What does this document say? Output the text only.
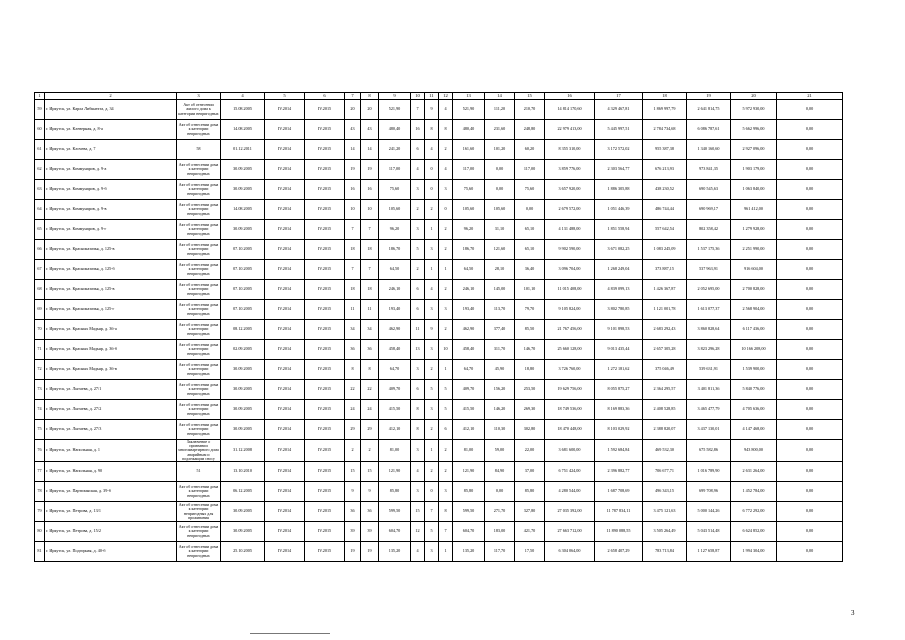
1	2	3	4	5	6	7	8	9	10	11	12	13	14	15	16	17	18	19	20	21
59	г. Иркутск, ул. Карла Либкнехта, д. 34	Акт об отнесении жилого дома к категории непригодных	15.08.2005	IV.2014	IV.2015	20	20	521,90	7	9	4	521,90	111,20	210,70	14 814 170,60	4 329 467,81	1 869 997,79	2 641 814,75	5 972 930,00	0,00
60	г. Иркутск, ул. Клеверная, д. 8-а	Акт об отнесении дома к категории непригодных	14.08.2005	IV.2014	IV.2015	43	43	480,40	16	8	8	480,40	231,60	248,80	22 979 413,00	5 445 997,51	2 784 734,68	6 086 787,61	5 662 996,00	0,00
61	г. Иркутск, ул. Клочева, д. 7	58	01.12.2011	IV.2014	IV.2015	14	14	241,20	6	4	2	161,60	101,20	60,20	8 355 310,00	3 172 572,02	955 387,38	1 340 160,60	2 927 096,00	0,00
62	г. Иркутск, ул. Коммунаров, д. 9-а	Акт об отнесении дома к категории непригодных	30.09.2005	IV.2014	IV.2015	19	19	117,00	4	0	4	117,00	0,00	117,00	3 859 776,00	2 303 564,77	676 213,93	973 841,35	1 903 179,00	0,00
63	г. Иркутск, ул. Коммунаров, д. 9-б	Акт об отнесении дома к категории непригодных	30.09.2005	IV.2014	IV.2015	16	16	75,60	3	0	3	75,60	0,00	75,60	3 657 920,00	1 886 305,88	438 230,52	690 545,63	1 063 840,00	0,00
64	г. Иркутск, ул. Коммунаров, д. 9-в	Акт об отнесении дома к категории непригодных	14.08.2005	IV.2014	IV.2015	10	10	105,60	2	2	0	105,60	105,60	0,00	2 679 572,00	1 051 446,39	486 744,44	690 969,17	961 412,00	0,00
65	г. Иркутск, ул. Коммунаров, д. 9-г	Акт об отнесении дома к категории непригодных	30.09.2005	IV.2014	IV.2015	7	7	96,20	3	1	2	96,20	31,10	65,10	4 131 488,00	1 851 558,94	557 642,54	802 358,42	1 279 928,00	0,00
66	г. Иркутск, ул. Красноказачья, д. 125-в	Акт об отнесении дома к категории непригодных	07.10.2005	IV.2014	IV.2015	18	18	186,70	5	3	2	186,70	121,60	65,10	9 902 590,00	3 671 082,25	1 083 245,09	1 537 175,36	2 251 990,00	0,00
67	г. Иркутск, ул. Красноказачья, д. 125-б	Акт об отнесении дома к категории непригодных	07.10.2005	IV.2014	IV.2015	7	7	64,50	2	1	1	64,50	28,10	36,40	3 096 704,00	1 268 249,04	373 887,15	537 963,91	916 604,00	0,00
68	г. Иркутск, ул. Красноказачья, д. 125-в	Акт об отнесении дома к категории непригодных	07.10.2005	IV.2014	IV.2015	18	18	246,10	6	4	2	246,10	145,00	101,10	11 015 408,00	4 839 099,13	1 426 367,87	2 052 695,00	2 700 828,00	0,00
69	г. Иркутск, ул. Красноказачья, д. 125-г	Акт об отнесении дома к категории непригодных	07.10.2005	IV.2014	IV.2015	11	11	193,40	6	3	3	193,40	113,70	79,70	9 105 824,00	3 802 780,85	1 121 001,78	1 613 077,37	2 568 904,00	0,00
70	г. Иркутск, ул. Красных Мадьяр, д. 36-а	Акт об отнесении дома к категории непригодных	08.12.2005	IV.2014	IV.2015	34	34	462,90	11	9	2	462,90	377,40	85,50	21 767 456,00	9 101 898,53	2 683 292,43	3 860 828,64	6 117 436,00	0,00
71	г. Иркутск, ул. Красных Мадьяр, д. 36-б	Акт об отнесении дома к категории непригодных	02.09.2005	IV.2014	IV.2015	36	36	458,40	13	3	10	458,40	311,70	146,70	25 660 128,00	9 013 435,44	2 657 305,28	3 823 296,28	10 166 208,00	0,00
72	г. Иркутск, ул. Красных Мадьяр, д. 36-в	Акт об отнесении дома к категории непригодных	30.09.2005	IV.2014	IV.2015	8	8	64,70	3	2	1	64,70	45,90	18,80	3 726 760,00	1 272 181,62	375 046,49	539 631,91	1 539 900,00	0,00
73	г. Иркутск, ул. Лытаева, д. 27/1	Акт об отнесении дома к категории непригодных	30.09.2005	IV.2014	IV.2015	22	22	409,70	6	5	5	409,70	156,20	253,50	19 629 756,00	8 055 875,27	2 364 295,57	3 401 811,36	5 840 776,00	0,00
74	г. Иркутск, ул. Лытаева, д. 27/2	Акт об отнесении дома к категории непригодных	30.09.2005	IV.2014	IV.2015	24	24	415,50	8	3	5	415,50	146,20	269,30	18 749 536,00	8 169 883,36	2 408 528,85	3 465 477,79	4 705 636,00	0,00
75	г. Иркутск, ул. Лытаева, д. 27/3	Акт об отнесении дома к категории непригодных	30.09.2005	IV.2014	IV.2015	29	29	412,10	8	2	6	412,10	110,30	302,80	18 470 448,00	8 103 029,92	2 388 820,07	3 437 130,01	4 147 468,00	0,00
76	г. Иркутск, ул. Напольная, д. 1	Заключение о признании многоквартирного дома аварийным и подлежащим сносу	31.12.2008	IV.2014	IV.2015	2	2	81,00	3	1	2	81,00	59,00	22,00	3 681 600,00	1 592 684,84	469 532,30	675 582,86	943 800,00	0,00
77	г. Иркутск, ул. Напольная, д. 90	51	13.10.2010	IV.2014	IV.2015	15	15	121,90	4	2	2	121,90	84,90	37,00	6 751 424,00	2 396 882,77	706 677,71	1 016 789,90	2 631 264,00	0,00
78	г. Иркутск, ул. Партизанская, д. 39-б	Акт об отнесении дома к категории непригодных	06.12.2005	IV.2014	IV.2015	9	9	85,80	3	0	3	85,80	0,00	85,80	4 280 544,00	1 687 708,69	496 343,15	699 708,96	1 452 784,00	0,00
79	г. Иркутск, ул. Петрова, д. 13/1	Акт об отнесении дома к категории непригодных для проживания	30.09.2005	IV.2014	IV.2015	36	36	599,50	15	7	8	599,50	271,70	327,80	27 035 392,00	11 787 834,11	3 475 121,63	5 000 144,26	6 772 292,00	0,00
80	г. Иркутск, ул. Петрова, д. 15/2	Акт об отнесении дома к категории непригодных	30.09.2005	IV.2014	IV.2015	39	39	604,70	12	5	7	604,70	183,00	421,70	27 663 712,00	11 890 088,55	3 505 264,49	5 043 514,48	6 624 852,00	0,00
81	г. Иркутск, ул. Подгорная, д. 40-б	Акт об отнесении дома к категории непригодных	25.10.2005	IV.2014	IV.2015	19	19	135,20	4	3	1	135,20	117,70	17,50	6 304 064,00	2 658 407,29	783 713,84	1 127 658,87	1 994 304,00	0,00
3
